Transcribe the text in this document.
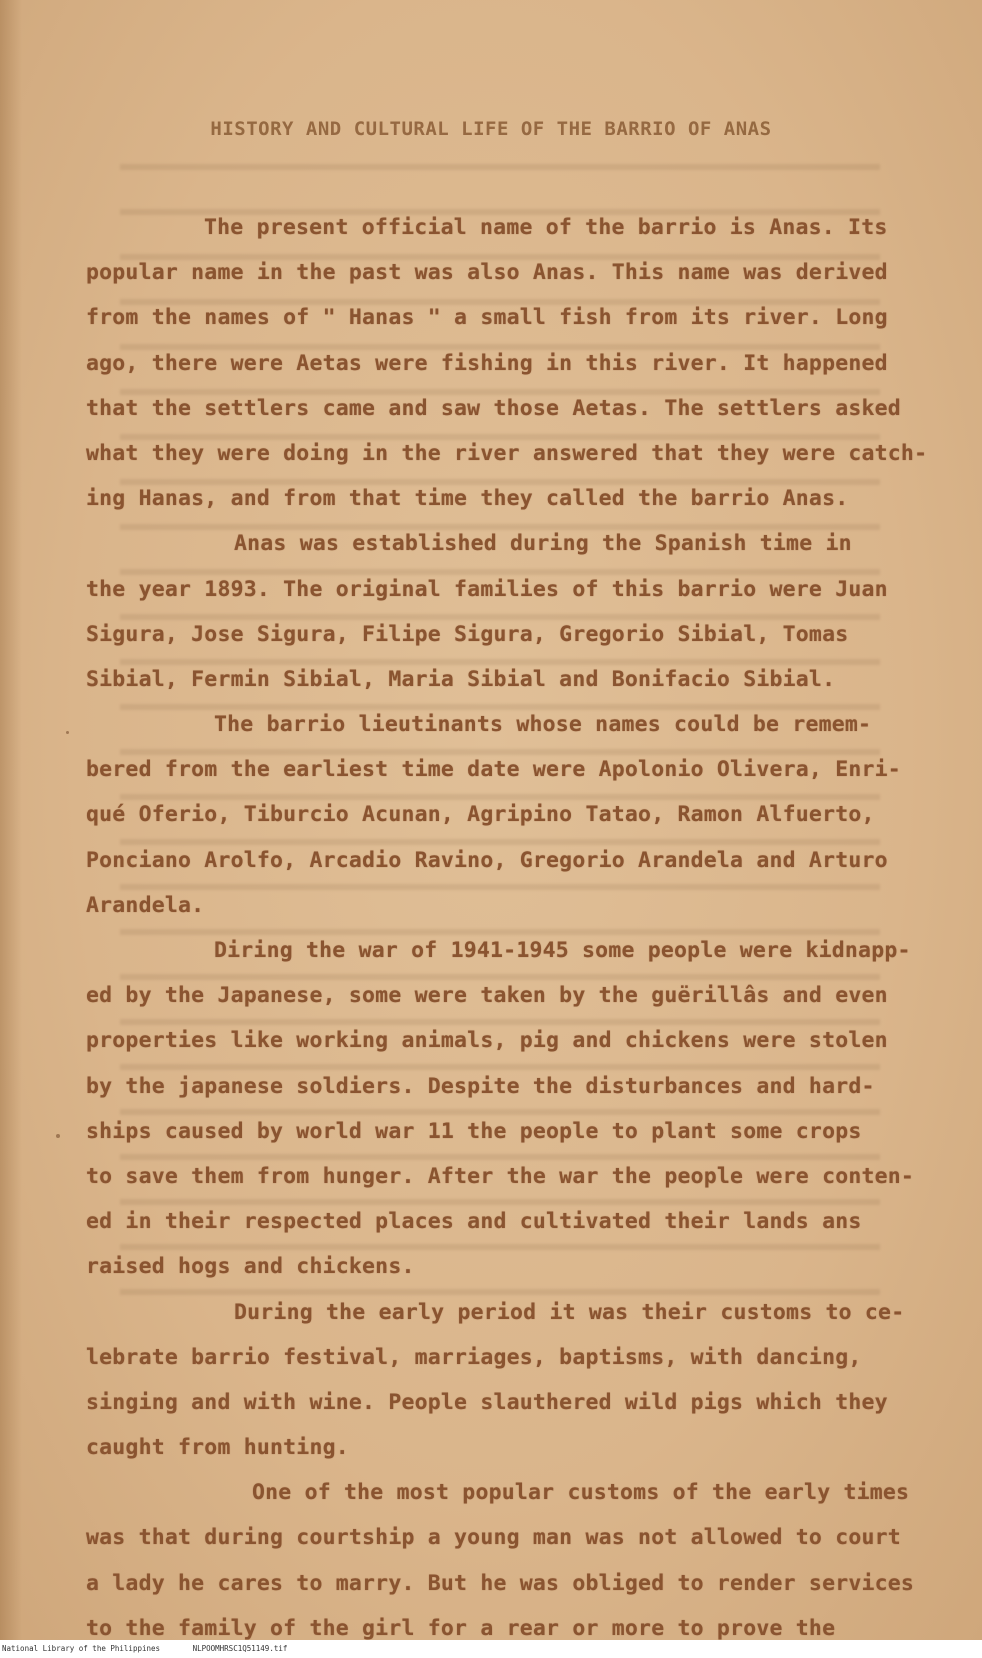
HISTORY AND CULTURAL LIFE OF THE BARRIO OF ANAS
The present official name of the barrio is Anas. Its
popular name in the past was also Anas. This name was derived
from the names of " Hanas " a small fish from its river. Long
ago, there were Aetas were fishing in this river. It happened
that the settlers came and saw those Aetas. The settlers asked
what they were doing in the river answered that they were catch-
ing Hanas, and from that time they called the barrio Anas.
Anas was established during the Spanish time in
the year 1893. The original families of this barrio were Juan
Sigura, Jose Sigura, Filipe Sigura, Gregorio Sibial, Tomas
Sibial, Fermin Sibial, Maria Sibial and Bonifacio Sibial.
The barrio lieutinants whose names could be remem-
bered from the earliest time date were Apolonio Olivera, Enri-
qué Oferio, Tiburcio Acunan, Agripino Tatao, Ramon Alfuerto,
Ponciano Arolfo, Arcadio Ravino, Gregorio Arandela and Arturo
Arandela.
Diring the war of 1941-1945 some people were kidnapp-
ed by the Japanese, some were taken by the guërillâs and even
properties like working animals, pig and chickens were stolen
by the japanese soldiers. Despite the disturbances and hard-
ships caused by world war 11 the people to plant some crops
to save them from hunger. After the war the people were conten-
ed in their respected places and cultivated their lands ans
raised hogs and chickens.
During the early period it was their customs to ce-
lebrate barrio festival, marriages, baptisms, with dancing,
singing and with wine. People slauthered wild pigs which they
caught from hunting.
One of the most popular customs of the early times
was that during courtship a young man was not allowed to court
a lady he cares to marry. But he was obliged to render services
to the family of the girl for a rear or more to prove the
National Library of the Philippines	NLPOOMHRSC1Q51149.tif
